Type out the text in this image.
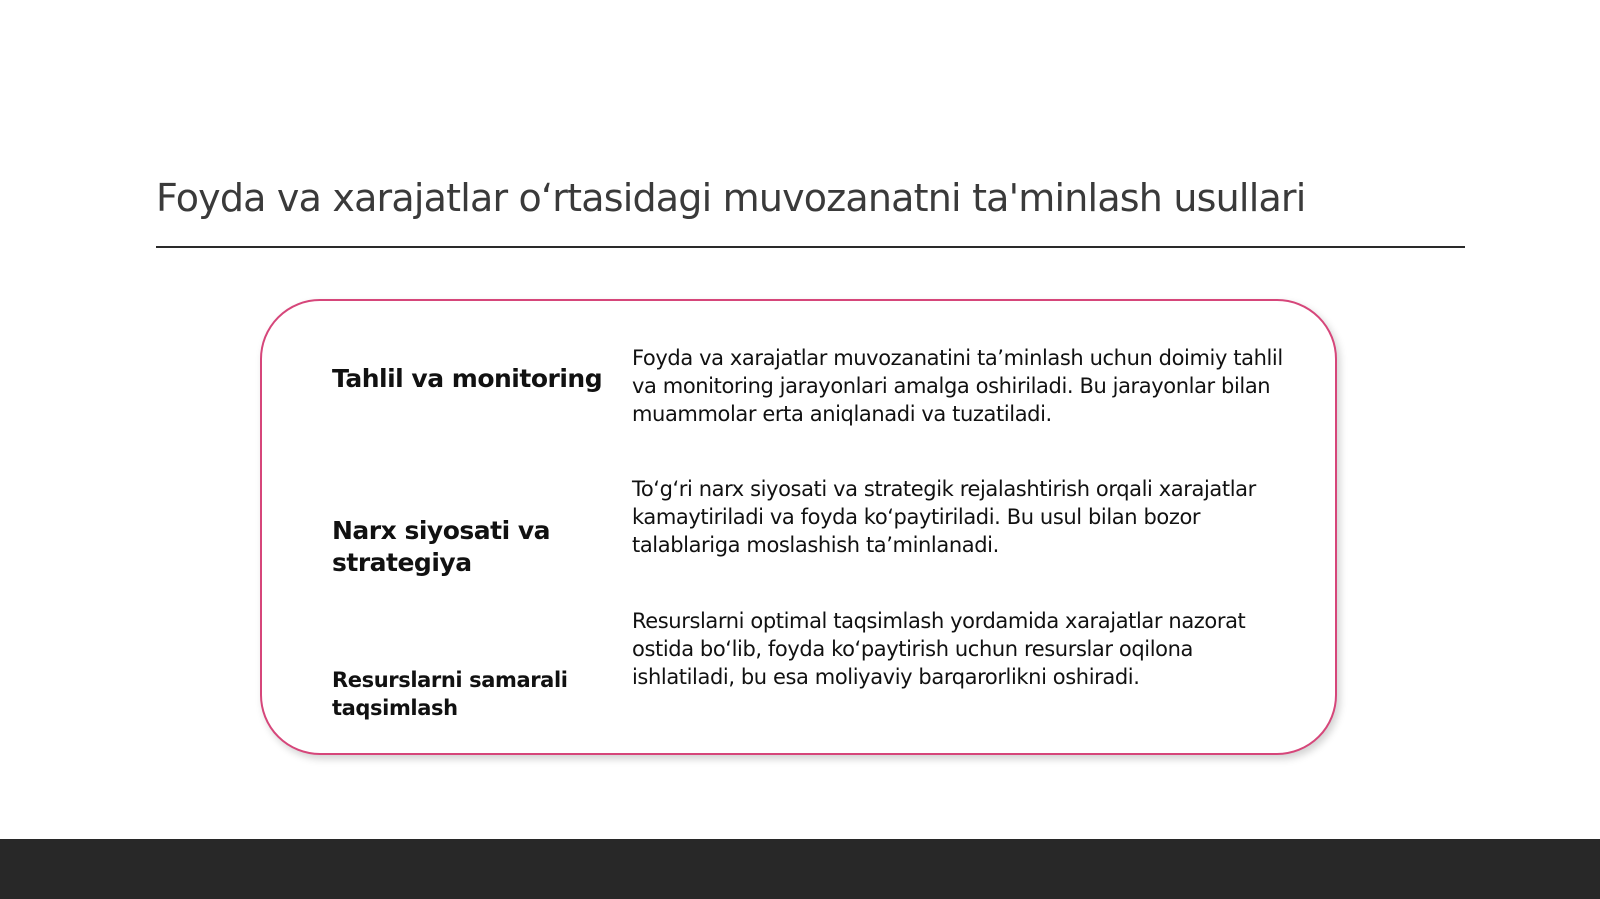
Foyda va xarajatlar o‘rtasidagi muvozanatni ta'minlash usullari
Tahlil va monitoring
Foyda va xarajatlar muvozanatini ta’minlash uchun doimiy tahlil va monitoring jarayonlari amalga oshiriladi. Bu jarayonlar bilan muammolar erta aniqlanadi va tuzatiladi.
Narx siyosati va strategiya
To‘g‘ri narx siyosati va strategik rejalashtirish orqali xarajatlar kamaytiriladi va foyda ko‘paytiriladi. Bu usul bilan bozor talablariga moslashish ta’minlanadi.
Resurslarni samarali taqsimlash
Resurslarni optimal taqsimlash yordamida xarajatlar nazorat ostida bo‘lib, foyda ko‘paytirish uchun resurslar oqilona ishlatiladi, bu esa moliyaviy barqarorlikni oshiradi.
